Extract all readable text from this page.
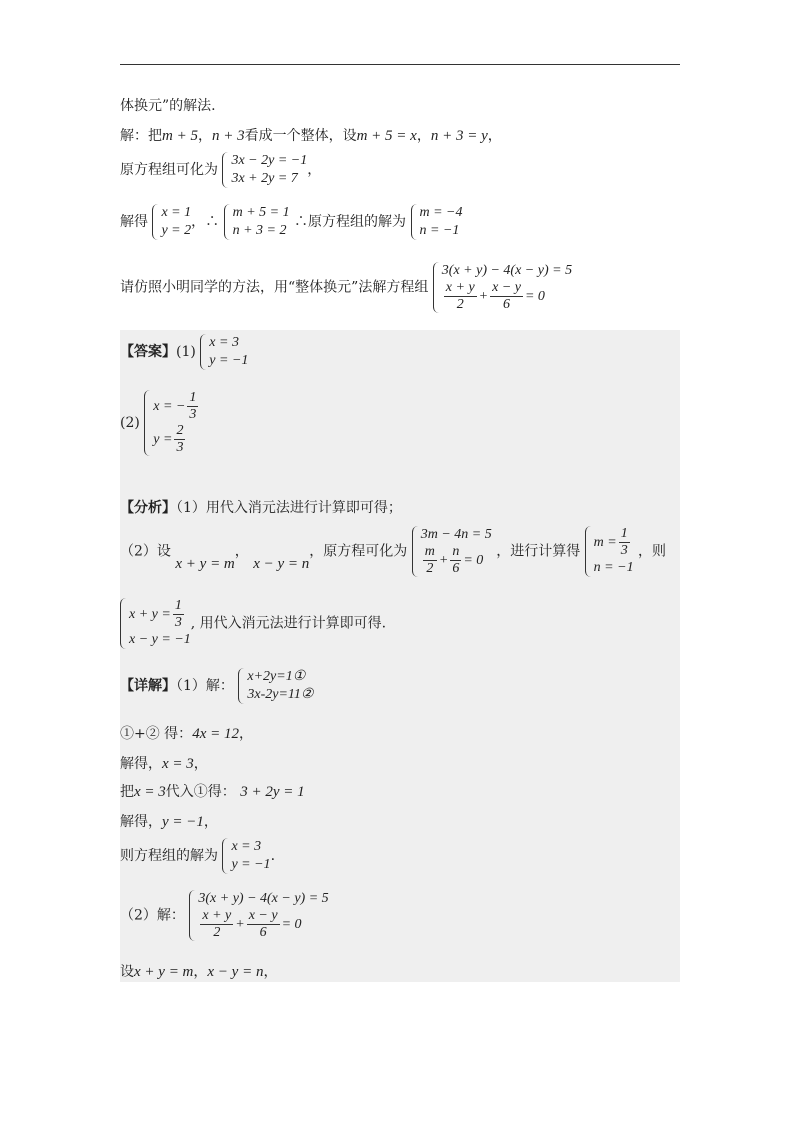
体换元”的解法.
解：把m + 5，n + 3看成一个整体，设m + 5 = x，n + 3 = y，
原方程组可化为
3x − 2y = −1
3x + 2y = 7
，
解得
x = 1
y = 2
，∴
m + 5 = 1
n + 3 = 2
∴原方程组的解为
m = −4
n = −1
请仿照小明同学的方法，用“整体换元”法解方程组
3(x + y) − 4(x − y) = 5
$\frac{x + y}{2} + \frac{x - y}{6} = 0$
【答案】(1)
x = 3
y = −1
(2)
x = − $\frac{1}{3}$
$y = \frac{2}{3}$
【分析】（1）用代入消元法进行计算即可得；
（2）设 x + y = m， x − y = n，原方程可化为
3m − 4n = 5
$\frac{m}{2} + \frac{n}{6} = 0$
，进行计算得
$m = \frac{1}{3}$
n = −1
，则
$x + y = \frac{1}{3}$
x − y = −1
, 用代入消元法进行计算即可得.
【详解】（1）解：
x+2y=1①
3x-2y=11②
①+② 得：4x = 12，
解得，x = 3，
把x = 3代入①得： 3 + 2y = 1
解得，y = −1，
则方程组的解为
x = 3
y = −1
.
（2）解：
3(x + y) − 4(x − y) = 5
$\frac{x + y}{2} + \frac{x - y}{6} = 0$
设x + y = m，x − y = n，
